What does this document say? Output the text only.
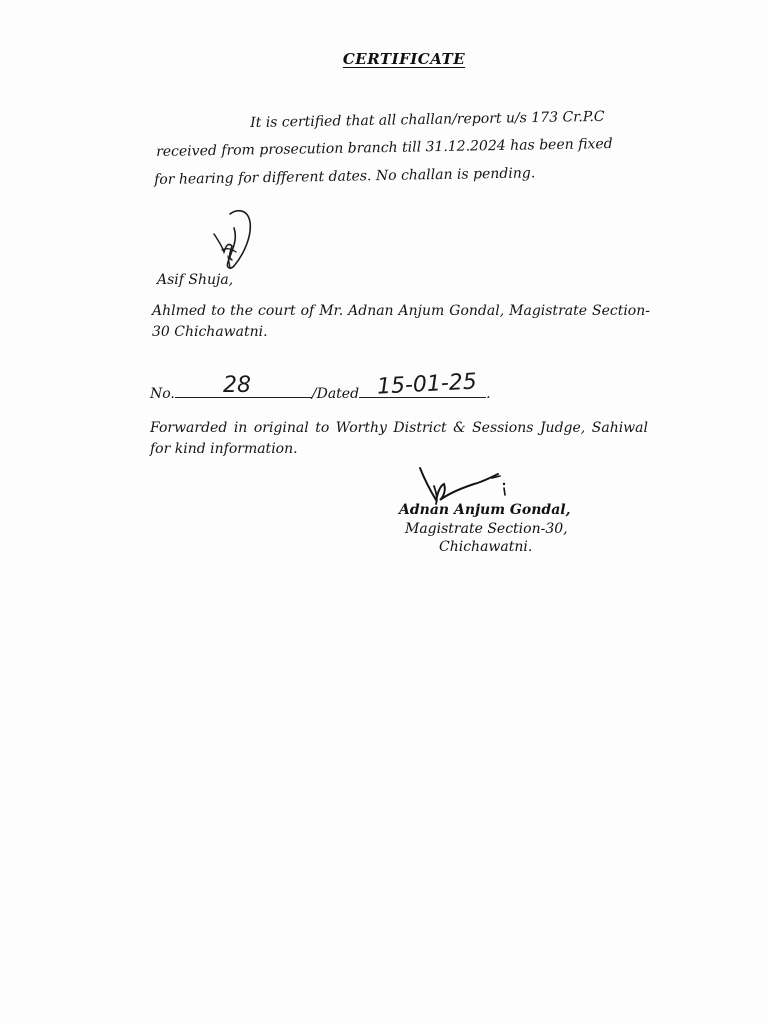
CERTIFICATE
It is certified that all challan/report u/s 173 Cr.P.C
received from prosecution branch till 31.12.2024 has been fixed
for hearing for different dates. No challan is pending.
Asif Shuja,
Ahlmed to the court of Mr. Adnan Anjum Gondal, Magistrate Section-30 Chichawatni.
No.	/Dated	.
28	15-01-25
Forwarded in original to Worthy District & Sessions Judge, Sahiwal for kind information.
Adnan Anjum Gondal,
Magistrate Section-30,
Chichawatni.
